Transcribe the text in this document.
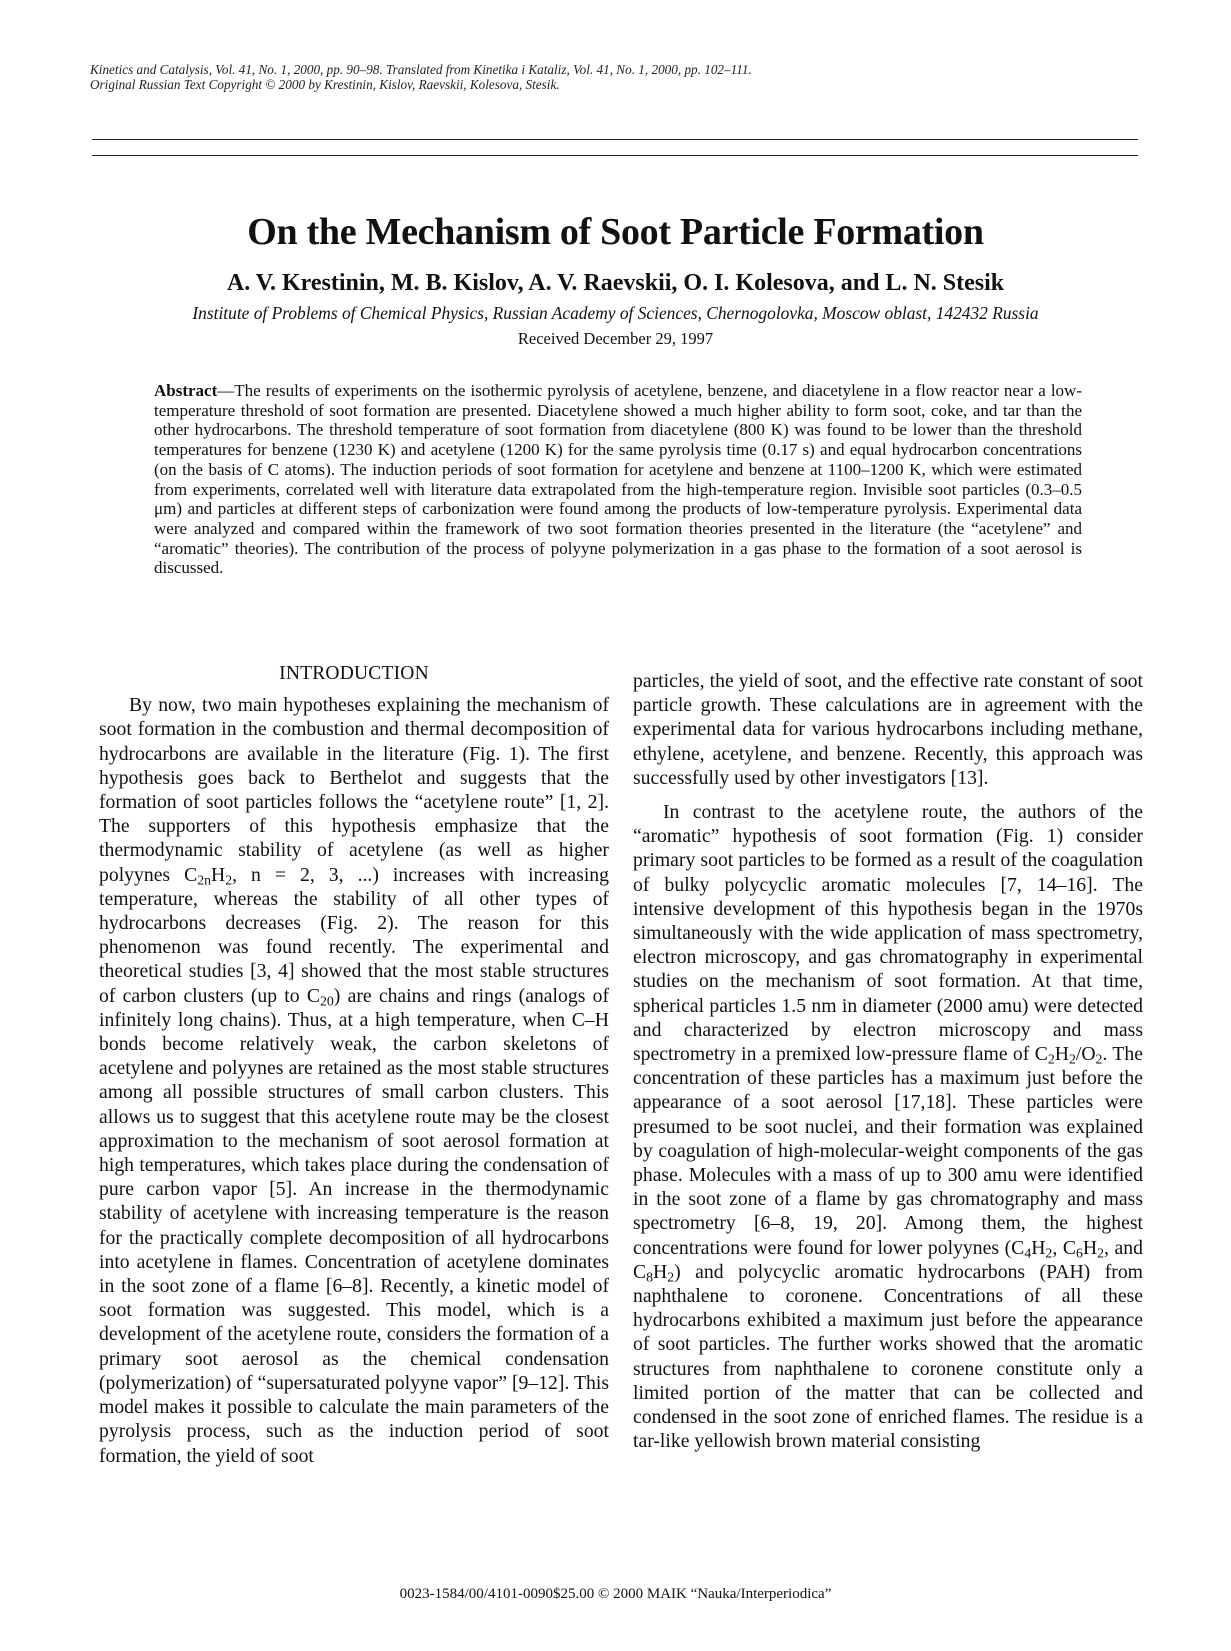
Kinetics and Catalysis, Vol. 41, No. 1, 2000, pp. 90–98. Translated from Kinetika i Kataliz, Vol. 41, No. 1, 2000, pp. 102–111.
Original Russian Text Copyright © 2000 by Krestinin, Kislov, Raevskii, Kolesova, Stesik.
On the Mechanism of Soot Particle Formation
A. V. Krestinin, M. B. Kislov, A. V. Raevskii, O. I. Kolesova, and L. N. Stesik
Institute of Problems of Chemical Physics, Russian Academy of Sciences, Chernogolovka, Moscow oblast, 142432 Russia
Received December 29, 1997
Abstract—The results of experiments on the isothermic pyrolysis of acetylene, benzene, and diacetylene in a flow reactor near a low-temperature threshold of soot formation are presented. Diacetylene showed a much higher ability to form soot, coke, and tar than the other hydrocarbons. The threshold temperature of soot formation from diacetylene (800 K) was found to be lower than the threshold temperatures for benzene (1230 K) and acetylene (1200 K) for the same pyrolysis time (0.17 s) and equal hydrocarbon concentrations (on the basis of C atoms). The induction periods of soot formation for acetylene and benzene at 1100–1200 K, which were estimated from experiments, correlated well with literature data extrapolated from the high-temperature region. Invisible soot particles (0.3–0.5 μm) and particles at different steps of carbonization were found among the products of low-temperature pyrolysis. Experimental data were analyzed and compared within the framework of two soot formation theories presented in the literature (the “acetylene” and “aromatic” theories). The contribution of the process of polyyne polymerization in a gas phase to the formation of a soot aerosol is discussed.
INTRODUCTION

By now, two main hypotheses explaining the mechanism of soot formation in the combustion and thermal decomposition of hydrocarbons are available in the literature (Fig. 1). The first hypothesis goes back to Berthelot and suggests that the formation of soot particles follows the “acetylene route” [1, 2]. The supporters of this hypothesis emphasize that the thermodynamic stability of acetylene (as well as higher polyynes $C_{2n}H_2$, n = 2, 3, ...) increases with increasing temperature, whereas the stability of all other types of hydrocarbons decreases (Fig. 2). The reason for this phenomenon was found recently. The experimental and theoretical studies [3, 4] showed that the most stable structures of carbon clusters (up to $C_{20}$) are chains and rings (analogs of infinitely long chains). Thus, at a high temperature, when C–H bonds become relatively weak, the carbon skeletons of acetylene and polyynes are retained as the most stable structures among all possible structures of small carbon clusters. This allows us to suggest that this acetylene route may be the closest approximation to the mechanism of soot aerosol formation at high temperatures, which takes place during the condensation of pure carbon vapor [5]. An increase in the thermodynamic stability of acetylene with increasing temperature is the reason for the practically complete decomposition of all hydrocarbons into acetylene in flames. Concentration of acetylene dominates in the soot zone of a flame [6–8]. Recently, a kinetic model of soot formation was suggested. This model, which is a development of the acetylene route, considers the formation of a primary soot aerosol as the chemical condensation (polymerization) of “supersaturated polyyne vapor” [9–12]. This model makes it possible to calculate the main parameters of the pyrolysis process, such as the induction period of soot formation, the yield of soot

particles, the yield of soot, and the effective rate constant of soot particle growth. These calculations are in agreement with the experimental data for various hydrocarbons including methane, ethylene, acetylene, and benzene. Recently, this approach was successfully used by other investigators [13].

In contrast to the acetylene route, the authors of the “aromatic” hypothesis of soot formation (Fig. 1) consider primary soot particles to be formed as a result of the coagulation of bulky polycyclic aromatic molecules [7, 14–16]. The intensive development of this hypothesis began in the 1970s simultaneously with the wide application of mass spectrometry, electron microscopy, and gas chromatography in experimental studies on the mechanism of soot formation. At that time, spherical particles 1.5 nm in diameter (2000 amu) were detected and characterized by electron microscopy and mass spectrometry in a premixed low-pressure flame of $C_2H_2/O_2$. The concentration of these particles has a maximum just before the appearance of a soot aerosol [17,18]. These particles were presumed to be soot nuclei, and their formation was explained by coagulation of high-molecular-weight components of the gas phase. Molecules with a mass of up to 300 amu were identified in the soot zone of a flame by gas chromatography and mass spectrometry [6–8, 19, 20]. Among them, the highest concentrations were found for lower polyynes ($C_4H_2$, $C_6H_2$, and $C_8H_2$) and polycyclic aromatic hydrocarbons (PAH) from naphthalene to coronene. Concentrations of all these hydrocarbons exhibited a maximum just before the appearance of soot particles. The further works showed that the aromatic structures from naphthalene to coronene constitute only a limited portion of the matter that can be collected and condensed in the soot zone of enriched flames. The residue is a tar-like yellowish brown material consisting

0023-1584/00/4101-0090$25.00 © 2000 MAIK “Nauka/Interperiodica”
